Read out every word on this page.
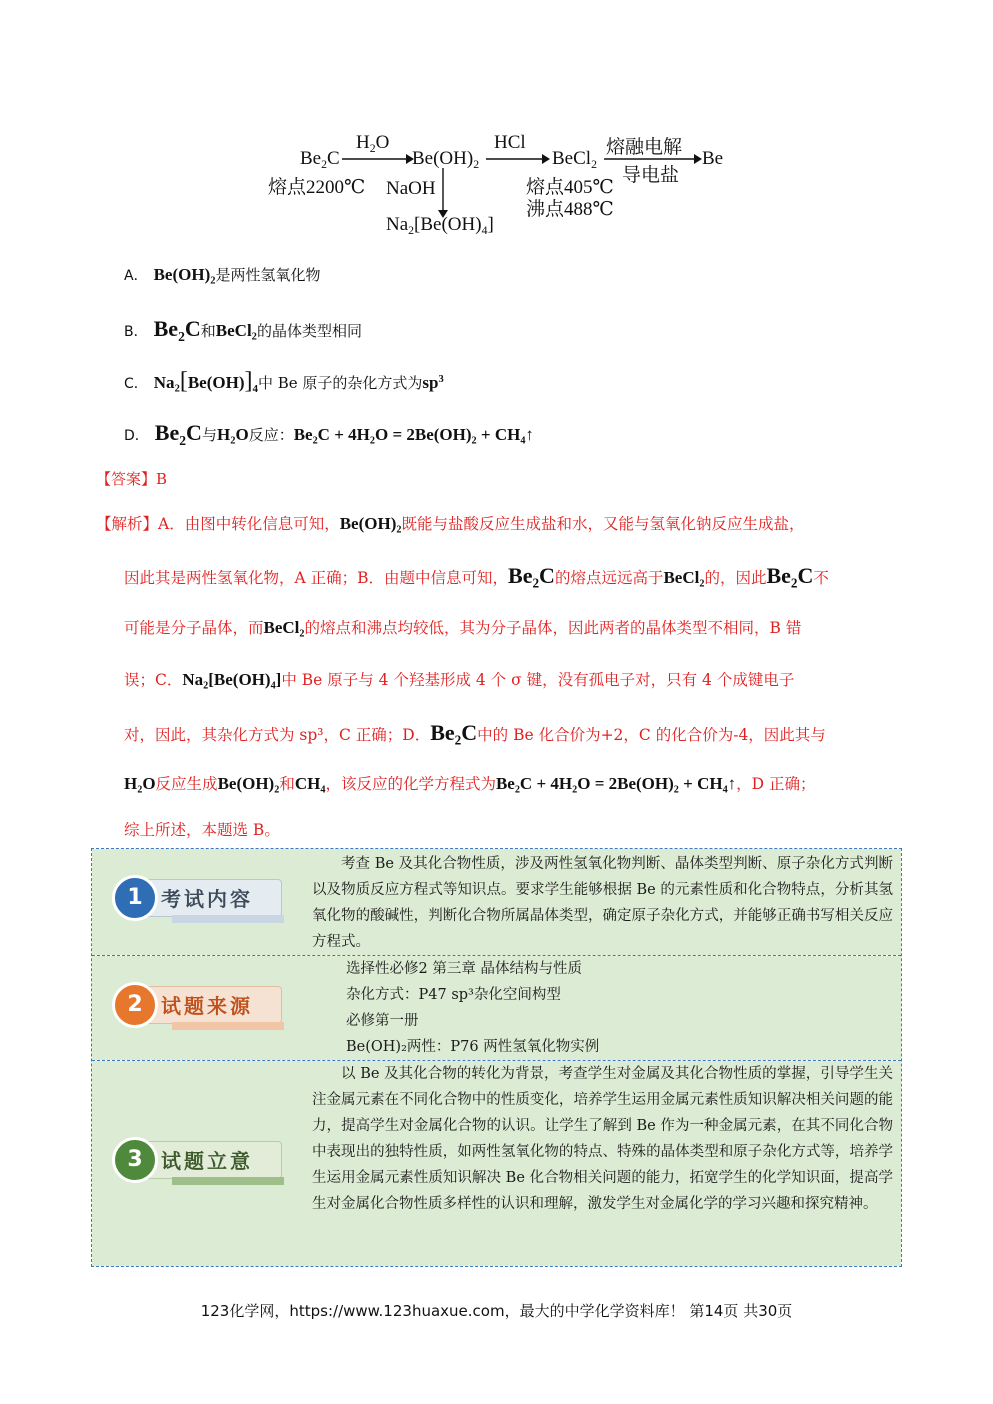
$Be_2C$
熔点2200℃
$H_2O$
$Be(OH)_2$
NaOH
$Na_2[Be(OH)_4]$
HCl
BeCl$_2$
熔点405℃
沸点488℃
熔融电解
导电盐
Be
A． $Be(OH)_2$是两性氢氧化物
B． $Be_2C$和BeCl$_2$的晶体类型相同
C． $Na_2[Be(OH)]_4$中 Be 原子的杂化方式为$sp^3$
D． $Be_2C$与$H_2O$反应：Be₂C + 4H₂O = 2Be(OH)₂ + CH₄↑
【答案】B
【解析】A．由图中转化信息可知，Be(OH)₂既能与盐酸反应生成盐和水，又能与氢氧化钠反应生成盐，
因此其是两性氢氧化物，A 正确；B．由题中信息可知，Be₂C的熔点远远高于BeCl₂的，因此Be₂C不
可能是分子晶体，而BeCl₂的熔点和沸点均较低，其为分子晶体，因此两者的晶体类型不相同，B 错
误；C．Na₂[Be(OH)₄]中 Be 原子与 4 个羟基形成 4 个 σ 键，没有孤电子对，只有 4 个成键电子
对，因此，其杂化方式为 sp³，C 正确；D．Be₂C中的 Be 化合价为+2，C 的化合价为-4，因此其与
H₂O反应生成Be(OH)₂和CH₄，该反应的化学方程式为Be₂C + 4H₂O = 2Be(OH)₂ + CH₄↑，D 正确；
综上所述，本题选 B。
考试内容
1
考查 Be 及其化合物性质，涉及两性氢氧化物判断、晶体类型判断、原子杂化方式判断以及物质反应方程式等知识点。要求学生能够根据 Be 的元素性质和化合物特点，分析其氢氧化物的酸碱性，判断化合物所属晶体类型，确定原子杂化方式，并能够正确书写相关反应方程式。
试题来源
2
选择性必修2 第三章 晶体结构与性质
杂化方式：P47 sp³杂化空间构型
必修第一册
Be(OH)₂两性：P76 两性氢氧化物实例
试题立意
3
以 Be 及其化合物的转化为背景，考查学生对金属及其化合物性质的掌握，引导学生关注金属元素在不同化合物中的性质变化，培养学生运用金属元素性质知识解决相关问题的能力，提高学生对金属化合物的认识。让学生了解到 Be 作为一种金属元素，在其不同化合物中表现出的独特性质，如两性氢氧化物的特点、特殊的晶体类型和原子杂化方式等，培养学生运用金属元素性质知识解决 Be 化合物相关问题的能力，拓宽学生的化学知识面，提高学生对金属化合物性质多样性的认识和理解，激发学生对金属化学的学习兴趣和探究精神。
123化学网，https://www.123huaxue.com，最大的中学化学资料库！ 第14页 共30页
